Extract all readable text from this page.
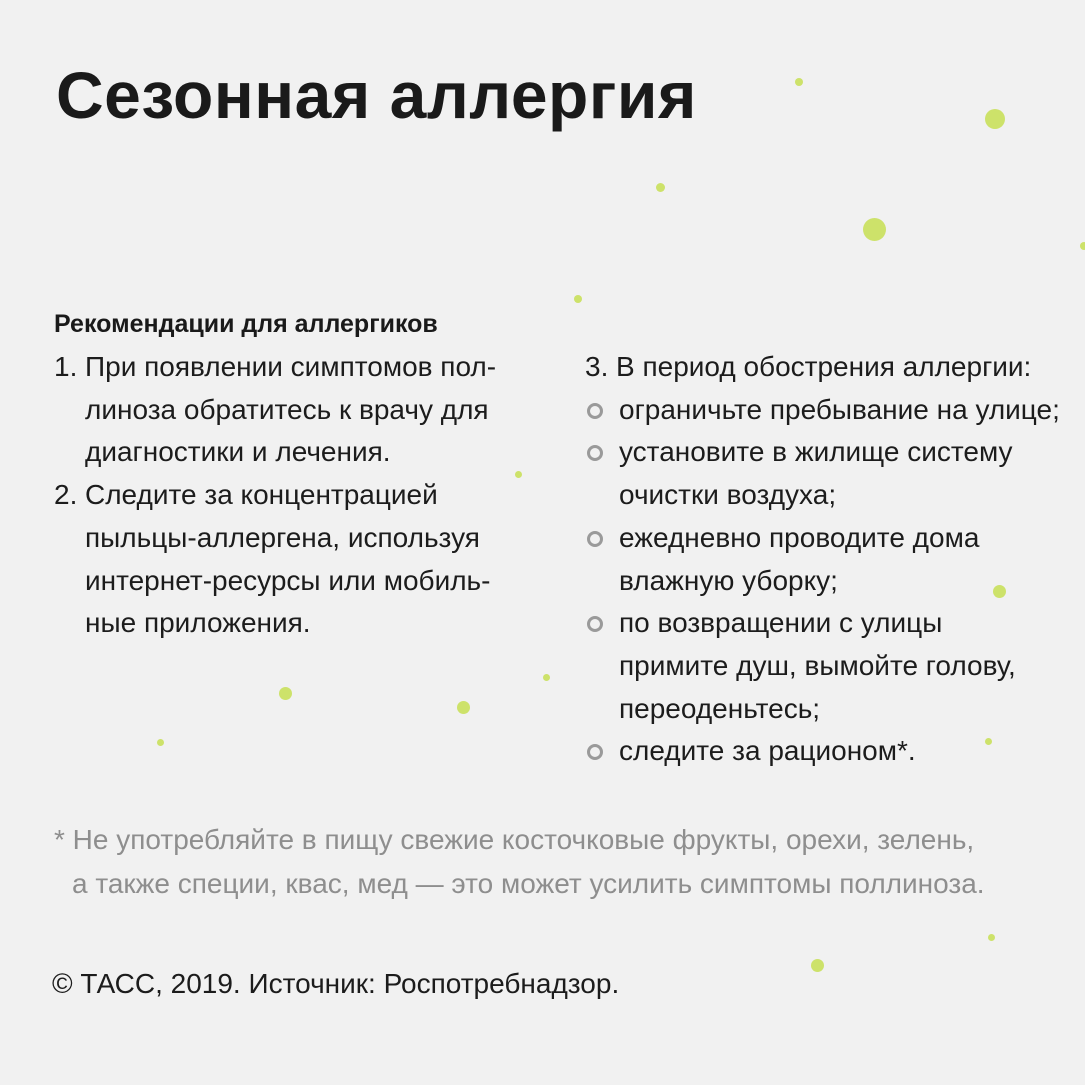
Сезонная аллергия
Рекомендации для аллергиков
1. При появлении симптомов пол-
линоза обратитесь к врачу для
диагностики и лечения.
2. Следите за концентрацией
пыльцы-аллергена, используя
интернет-ресурсы или мобиль-
ные приложения.
3. В период обострения аллергии:
ограничьте пребывание на улице;
установите в жилище систему
очистки воздуха;
ежедневно проводите дома
влажную уборку;
по возвращении с улицы
примите душ, вымойте голову,
переоденьтесь;
следите за рационом*.
* Не употребляйте в пищу свежие косточковые фрукты, орехи, зелень,
а также специи, квас, мед — это может усилить симптомы поллиноза.
© ТАСС, 2019. Источник: Роспотребнадзор.
